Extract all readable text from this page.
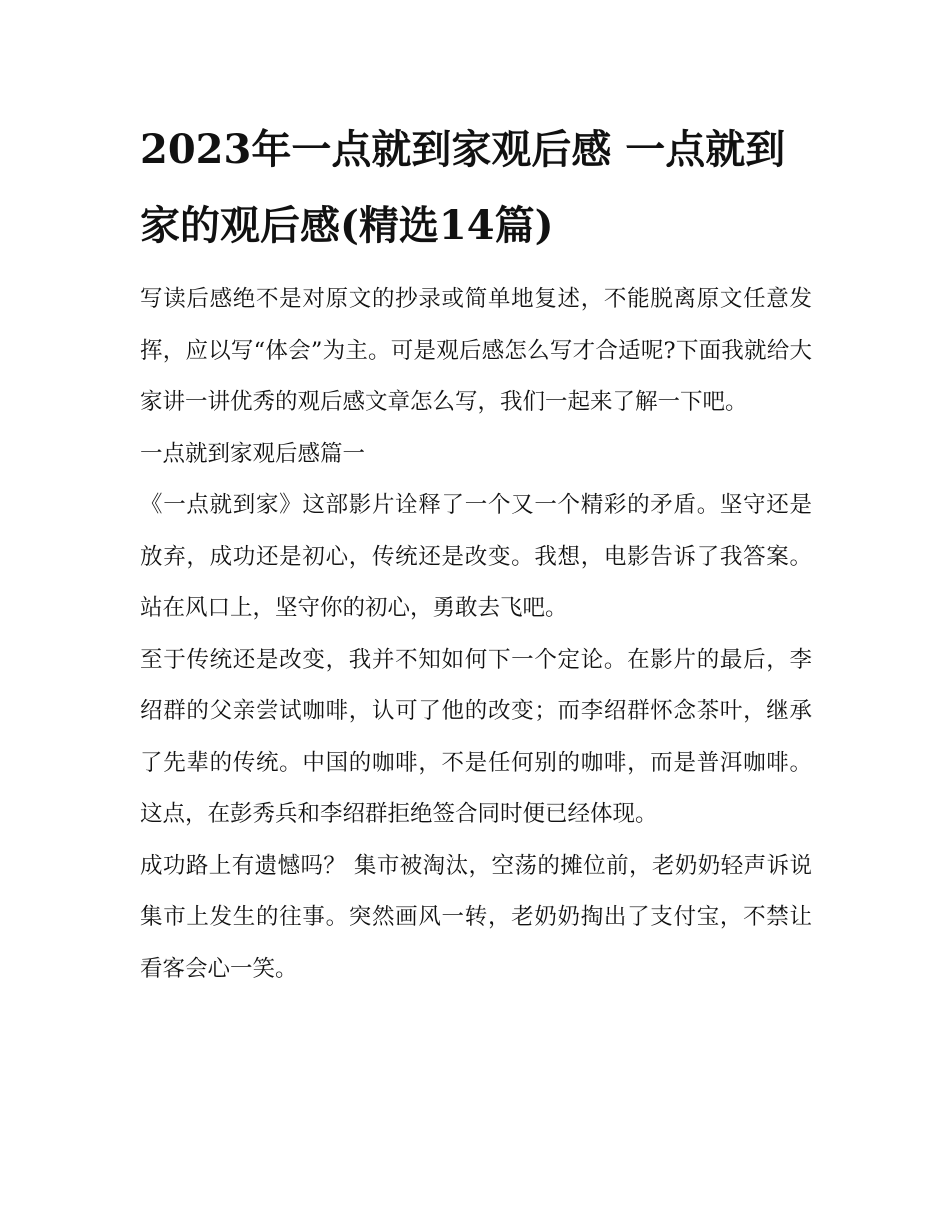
2023年一点就到家观后感 一点就到家的观后感(精选14篇)

写读后感绝不是对原文的抄录或简单地复述，不能脱离原文任意发挥，应以写“体会”为主。可是观后感怎么写才合适呢?下面我就给大家讲一讲优秀的观后感文章怎么写，我们一起来了解一下吧。

一点就到家观后感篇一

《一点就到家》这部影片诠释了一个又一个精彩的矛盾。坚守还是放弃，成功还是初心，传统还是改变。我想，电影告诉了我答案。站在风口上，坚守你的初心，勇敢去飞吧。

至于传统还是改变，我并不知如何下一个定论。在影片的最后，李绍群的父亲尝试咖啡，认可了他的改变；而李绍群怀念茶叶，继承了先辈的传统。中国的咖啡，不是任何别的咖啡，而是普洱咖啡。这点，在彭秀兵和李绍群拒绝签合同时便已经体现。

成功路上有遗憾吗？ 集市被淘汰，空荡的摊位前，老奶奶轻声诉说集市上发生的往事。突然画风一转，老奶奶掏出了支付宝，不禁让看客会心一笑。
